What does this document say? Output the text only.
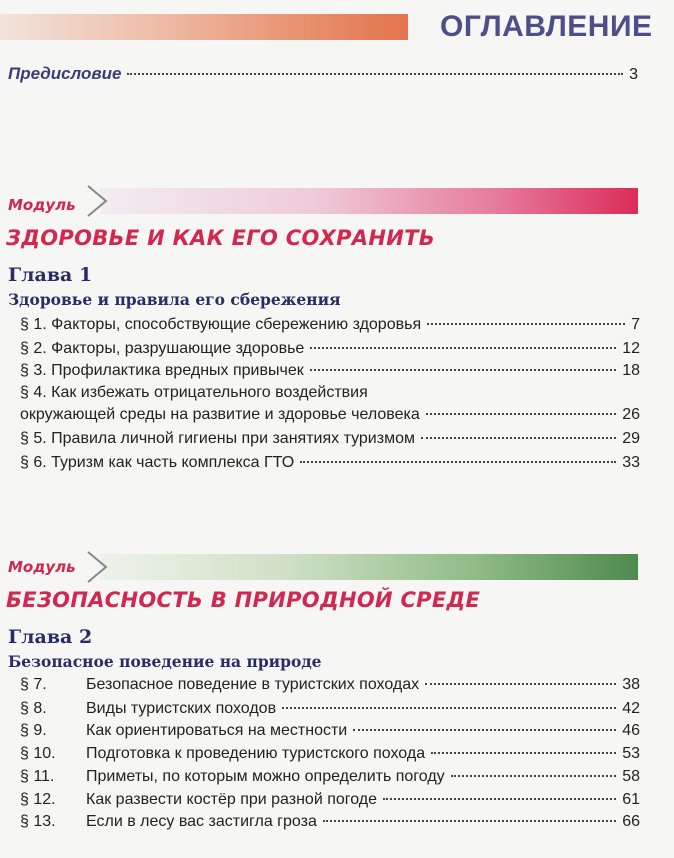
ОГЛАВЛЕНИЕ
Предисловие	3
Модуль
ЗДОРОВЬЕ И КАК ЕГО СОХРАНИТЬ
Глава 1
Здоровье и правила его сбережения
§ 1. Факторы, способствующие сбережению здоровья	7
§ 2. Факторы, разрушающие здоровье	12
§ 3. Профилактика вредных привычек	18
§ 4. Как избежать отрицательного воздействия
окружающей среды на развитие и здоровье человека	26
§ 5. Правила личной гигиены при занятиях туризмом	29
§ 6. Туризм как часть комплекса ГТО	33
Модуль
БЕЗОПАСНОСТЬ В ПРИРОДНОЙ СРЕДЕ
Глава 2
Безопасное поведение на природе
§ 7. Безопасное поведение в туристских походах	38
§ 8. Виды туристских походов	42
§ 9. Как ориентироваться на местности	46
§ 10. Подготовка к проведению туристского похода	53
§ 11. Приметы, по которым можно определить погоду	58
§ 12. Как развести костёр при разной погоде	61
§ 13. Если в лесу вас застигла гроза	66
